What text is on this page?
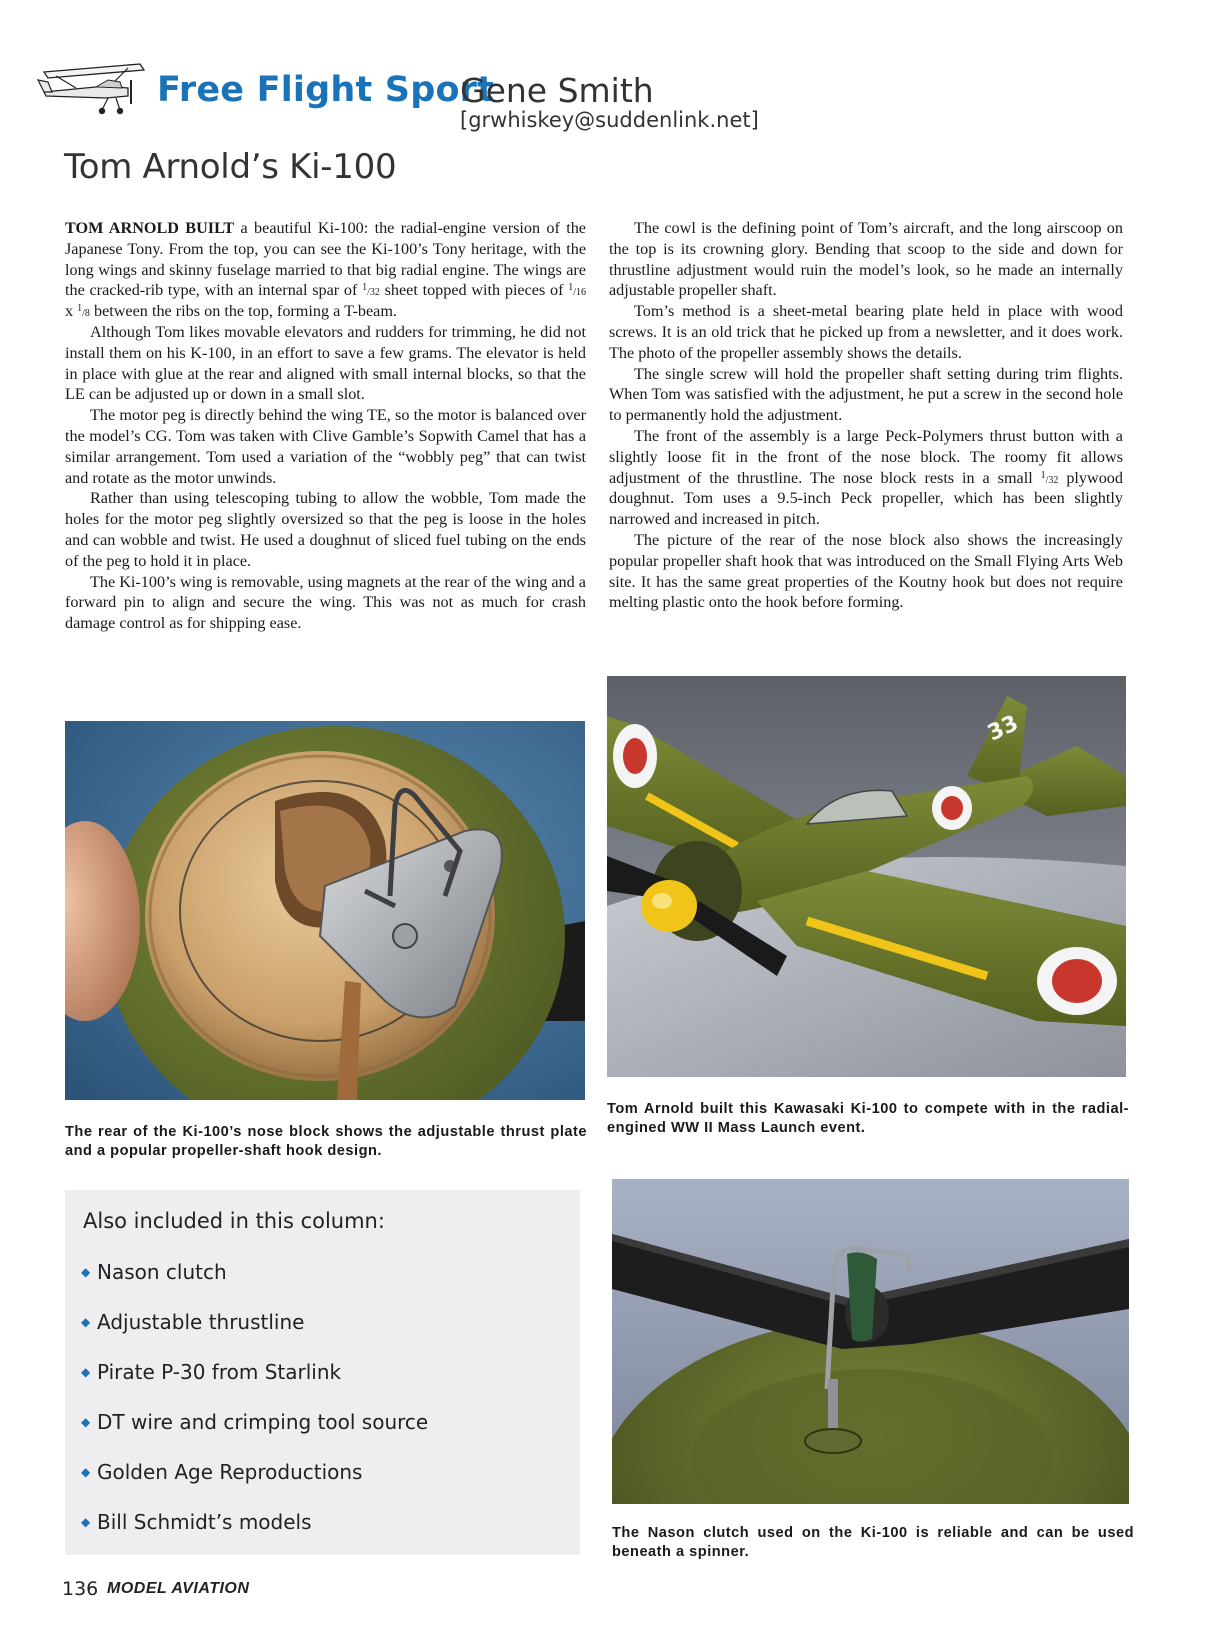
Free Flight Sport
Gene Smith
[grwhiskey@suddenlink.net]
Tom Arnold’s Ki-100

TOM ARNOLD BUILT a beautiful Ki-100: the radial-engine version of the Japanese Tony. From the top, you can see the Ki-100’s Tony heritage, with the long wings and skinny fuselage married to that big radial engine. The wings are the cracked-rib type, with an internal spar of $^1$/32 sheet topped with pieces of $^1$/16 x $^1$/8 between the ribs on the top, forming a T-beam.

Although Tom likes movable elevators and rudders for trimming, he did not install them on his K-100, in an effort to save a few grams. The elevator is held in place with glue at the rear and aligned with small internal blocks, so that the LE can be adjusted up or down in a small slot.

The motor peg is directly behind the wing TE, so the motor is balanced over the model’s CG. Tom was taken with Clive Gamble’s Sopwith Camel that has a similar arrangement. Tom used a variation of the “wobbly peg” that can twist and rotate as the motor unwinds.

Rather than using telescoping tubing to allow the wobble, Tom made the holes for the motor peg slightly oversized so that the peg is loose in the holes and can wobble and twist. He used a doughnut of sliced fuel tubing on the ends of the peg to hold it in place.

The Ki-100’s wing is removable, using magnets at the rear of the wing and a forward pin to align and secure the wing. This was not as much for crash damage control as for shipping ease.

The cowl is the defining point of Tom’s aircraft, and the long airscoop on the top is its crowning glory. Bending that scoop to the side and down for thrustline adjustment would ruin the model’s look, so he made an internally adjustable propeller shaft.

Tom’s method is a sheet-metal bearing plate held in place with wood screws. It is an old trick that he picked up from a newsletter, and it does work. The photo of the propeller assembly shows the details.

The single screw will hold the propeller shaft setting during trim flights. When Tom was satisfied with the adjustment, he put a screw in the second hole to permanently hold the adjustment.

The front of the assembly is a large Peck-Polymers thrust button with a slightly loose fit in the front of the nose block. The roomy fit allows adjustment of the thrustline. The nose block rests in a small $^1$/32 plywood doughnut. Tom uses a 9.5-inch Peck propeller, which has been slightly narrowed and increased in pitch.

The picture of the rear of the nose block also shows the increasingly popular propeller shaft hook that was introduced on the Small Flying Arts Web site. It has the same great properties of the Koutny hook but does not require melting plastic onto the hook before forming.

The rear of the Ki-100’s nose block shows the adjustable thrust plate and a popular propeller-shaft hook design.
33
Tom Arnold built this Kawasaki Ki-100 to compete with in the radial-engined WW II Mass Launch event.
The Nason clutch used on the Ki-100 is reliable and can be used beneath a spinner.
Also included in this column:
◆ Nason clutch
◆ Adjustable thrustline
◆ Pirate P-30 from Starlink
◆ DT wire and crimping tool source
◆ Golden Age Reproductions
◆ Bill Schmidt’s models
136 MODEL AVIATION
